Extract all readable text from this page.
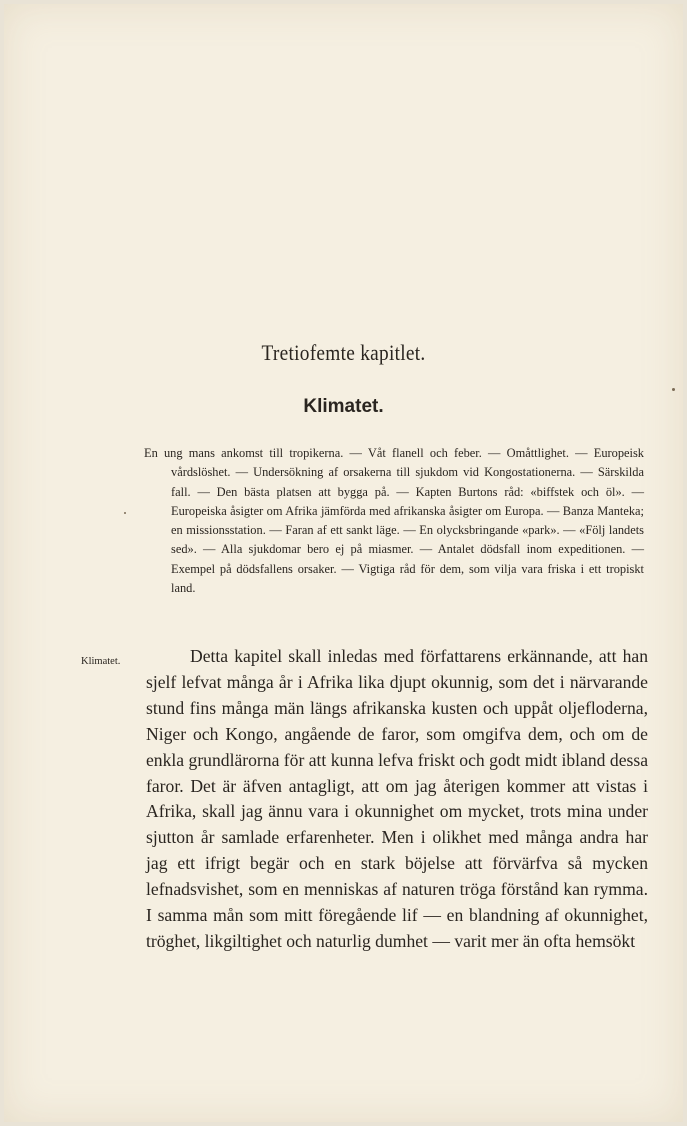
Tretiofemte kapitlet.
Klimatet.
En ung mans ankomst till tropikerna. — Våt flanell och feber. — Omåttlighet. — Europeisk vårdslöshet. — Undersökning af orsakerna till sjukdom vid Kongostationerna. — Särskilda fall. — Den bästa platsen att bygga på. — Kapten Burtons råd: «biffstek och öl». — Europeiska åsigter om Afrika jämförda med afrikanska åsigter om Europa. — Banza Manteka; en missionsstation. — Faran af ett sankt läge. — En olycksbringande «park». — «Följ landets sed». — Alla sjukdomar bero ej på miasmer. — Antalet dödsfall inom expeditionen. — Exempel på dödsfallens orsaker. — Vigtiga råd för dem, som vilja vara friska i ett tropiskt land.
Klimatet.	Detta kapitel skall inledas med författarens erkännande, att han sjelf lefvat många år i Afrika lika djupt okunnig, som det i närvarande stund fins många män längs afrikanska kusten och uppåt oljefloderna, Niger och Kongo, angående de faror, som omgifva dem, och om de enkla grundlärorna för att kunna lefva friskt och godt midt ibland dessa faror. Det är äfven antagligt, att om jag återigen kommer att vistas i Afrika, skall jag ännu vara i okunnighet om mycket, trots mina under sjutton år samlade erfarenheter. Men i olikhet med många andra har jag ett ifrigt begär och en stark böjelse att förvärfva så mycken lefnadsvishet, som en menniskas af naturen tröga förstånd kan rymma. I samma mån som mitt föregående lif — en blandning af okunnighet, tröghet, likgiltighet och naturlig dumhet — varit mer än ofta hemsökt
